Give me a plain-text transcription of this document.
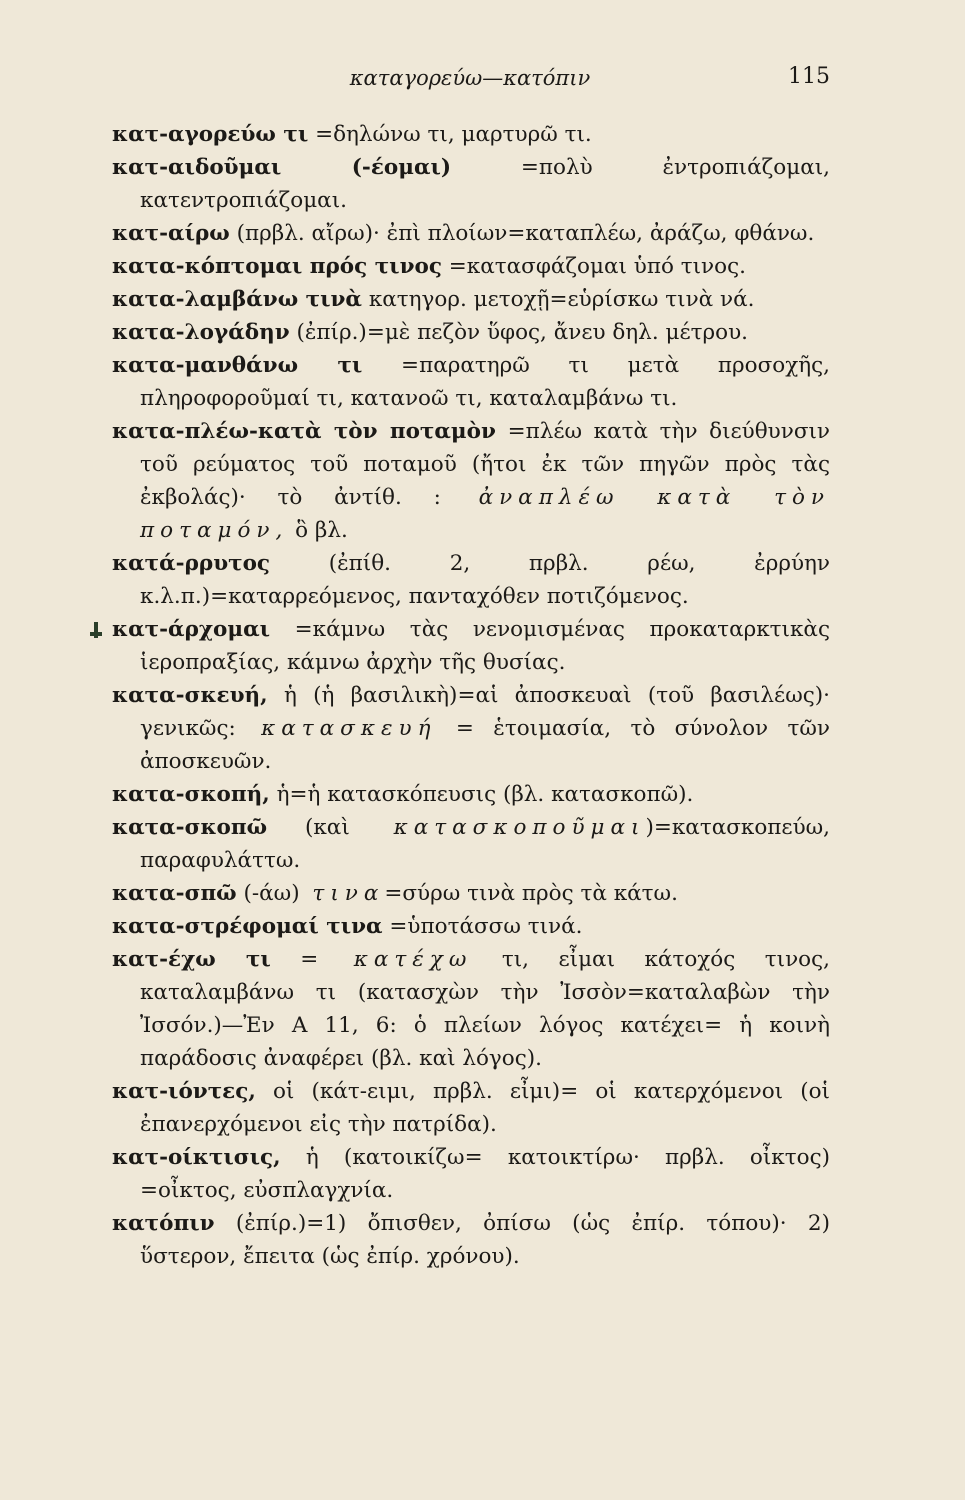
καταγορεύω—κατόπιν	115

κατ-αγορεύω τι =δηλώνω τι, μαρτυρῶ τι.

κατ-αιδοῦμαι (-έομαι) =πολὺ ἐντροπιάζομαι, κατεντροπιάζομαι.

κατ-αίρω (πρβλ. αἴρω)· ἐπὶ πλοίων=καταπλέω, ἀράζω, φθάνω.

κατα-κόπτομαι πρός τινος =κατασφάζομαι ὑπό τινος.

κατα-λαμβάνω τινὰ κατηγορ. μετοχῇ=εὑρίσκω τινὰ νά.

κατα-λογάδην (ἐπίρ.)=μὲ πεζὸν ὕφος, ἄνευ δηλ. μέτρου.

κατα-μανθάνω τι =παρατηρῶ τι μετὰ προσοχῆς, πληροφοροῦμαί τι, κατανοῶ τι, καταλαμβάνω τι.

κατα-πλέω-κατὰ τὸν ποταμὸν =πλέω κατὰ τὴν διεύθυνσιν τοῦ ρεύματος τοῦ ποταμοῦ (ἤτοι ἐκ τῶν πηγῶν πρὸς τὰς ἐκβολάς)· τὸ ἀντίθ. : ἀναπλέω κατὰ τὸν ποταμόν, ὃ βλ.

κατά-ρρυτος (ἐπίθ. 2, πρβλ. ρέω, ἐρρύην κ.λ.π.)=καταρρεόμενος, πανταχόθεν ποτιζόμενος.

κατ-άρχομαι =κάμνω τὰς νενομισμένας προκαταρκτικὰς ἱεροπραξίας, κάμνω ἀρχὴν τῆς θυσίας.

κατα-σκευή, ἡ (ἡ βασιλικὴ)=αἱ ἀποσκευαὶ (τοῦ βασιλέως)· γενικῶς: κατασκευή = ἑτοιμασία, τὸ σύνολον τῶν ἀποσκευῶν.

κατα-σκοπή, ἡ=ἡ κατασκόπευσις (βλ. κατασκοπῶ).

κατα-σκοπῶ (καὶ κατασκοποῦμαι)=κατασκοπεύω, παραφυλάττω.

κατα-σπῶ (-άω) τινα=σύρω τινὰ πρὸς τὰ κάτω.

κατα-στρέφομαί τινα =ὑποτάσσω τινά.

κατ-έχω τι = κατέχω τι, εἶμαι κάτοχός τινος, καταλαμβάνω τι (κατασχὼν τὴν Ἰσσὸν=καταλαβὼν τὴν Ἰσσόν.)—Ἐν Α 11, 6: ὁ πλείων λόγος κατέχει= ἡ κοινὴ παράδοσις ἀναφέρει (βλ. καὶ λόγος).

κατ-ιόντες, οἱ (κάτ-ειμι, πρβλ. εἶμι)= οἱ κατερχόμενοι (οἱ ἐπανερχόμενοι εἰς τὴν πατρίδα).

κατ-οίκτισις, ἡ (κατοικίζω= κατοικτίρω· πρβλ. οἶκτος) =οἶκτος, εὐσπλαγχνία.

κατόπιν (ἐπίρ.)=1) ὄπισθεν, ὀπίσω (ὡς ἐπίρ. τόπου)· 2) ὕστερον, ἔπειτα (ὡς ἐπίρ. χρόνου).
